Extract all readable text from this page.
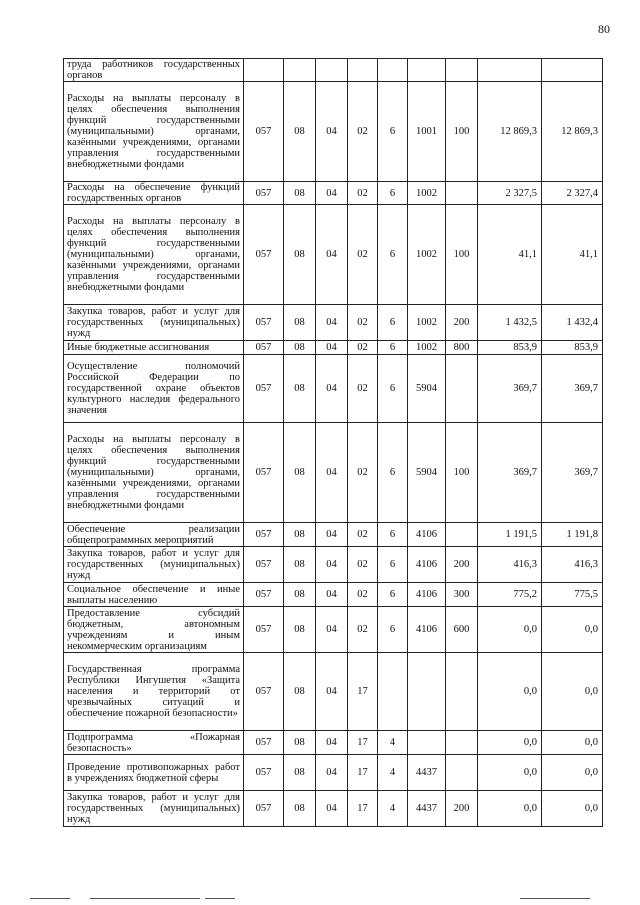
80
труда работников государственных органов									
Расходы на выплаты персоналу в целях обеспечения выполнения функций государственными (муниципальными) органами, казёнными учреждениями, органами управления государственными внебюджетными фондами	057	08	04	02	6	1001	100	12 869,3	12 869,3
Расходы на обеспечение функций государственных органов	057	08	04	02	6	1002		2 327,5	2 327,4
Расходы на выплаты персоналу в целях обеспечения выполнения функций государственными (муниципальными) органами, казёнными учреждениями, органами управления государственными внебюджетными фондами	057	08	04	02	6	1002	100	41,1	41,1
Закупка товаров, работ и услуг для государственных (муниципальных) нужд	057	08	04	02	6	1002	200	1 432,5	1 432,4
Иные бюджетные ассигнования	057	08	04	02	6	1002	800	853,9	853,9
Осуществление полномочий Российской Федерации по государственной охране объектов культурного наследия федерального значения	057	08	04	02	6	5904		369,7	369,7
Расходы на выплаты персоналу в целях обеспечения выполнения функций государственными (муниципальными) органами, казёнными учреждениями, органами управления государственными внебюджетными фондами	057	08	04	02	6	5904	100	369,7	369,7
Обеспечение реализации общепрограммных мероприятий	057	08	04	02	6	4106		1 191,5	1 191,8
Закупка товаров, работ и услуг для государственных (муниципальных) нужд	057	08	04	02	6	4106	200	416,3	416,3
Социальное обеспечение и иные выплаты населению	057	08	04	02	6	4106	300	775,2	775,5
Предоставление субсидий бюджетным, автономным учреждениям и иным некоммерческим организациям	057	08	04	02	6	4106	600	0,0	0,0
Государственная программа Республики Ингушетия «Защита населения и территорий от чрезвычайных ситуаций и обеспечение пожарной безопасности»	057	08	04	17				0,0	0,0
Подпрограмма «Пожарная безопасность»	057	08	04	17	4			0,0	0,0
Проведение противопожарных работ в учреждениях бюджетной сферы	057	08	04	17	4	4437		0,0	0,0
Закупка товаров, работ и услуг для государственных (муниципальных) нужд	057	08	04	17	4	4437	200	0,0	0,0
